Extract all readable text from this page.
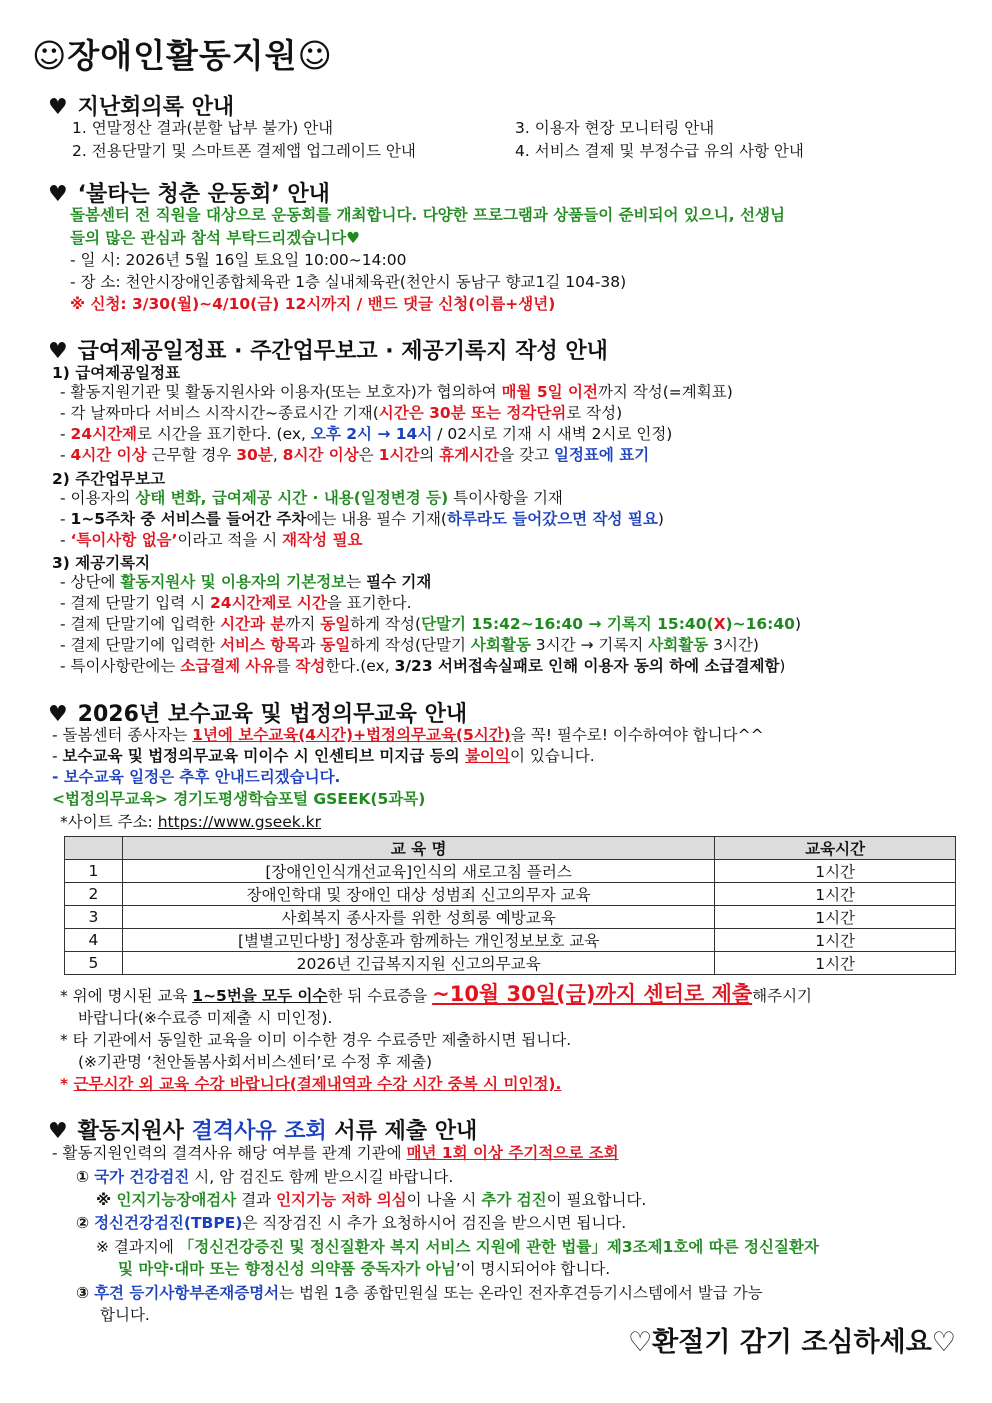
☺장애인활동지원☺
♥ 지난회의록 안내
1. 연말정산 결과(분할 납부 불가) 안내	3. 이용자 현장 모니터링 안내
2. 전용단말기 및 스마트폰 결제앱 업그레이드 안내	4. 서비스 결제 및 부정수급 유의 사항 안내
♥ ‘불타는 청춘 운동회’ 안내
돌봄센터 전 직원을 대상으로 운동회를 개최합니다. 다양한 프로그램과 상품들이 준비되어 있으니, 선생님
들의 많은 관심과 참석 부탁드리겠습니다♥
- 일 시: 2026년 5월 16일 토요일 10:00~14:00
- 장 소: 천안시장애인종합체육관 1층 실내체육관(천안시 동남구 향교1길 104-38)
※ 신청: 3/30(월)~4/10(금) 12시까지 / 밴드 댓글 신청(이름+생년)
♥ 급여제공일정표 · 주간업무보고 · 제공기록지 작성 안내
1) 급여제공일정표
- 활동지원기관 및 활동지원사와 이용자(또는 보호자)가 협의하여 매월 5일 이전까지 작성(=계획표)
- 각 날짜마다 서비스 시작시간~종료시간 기재(시간은 30분 또는 정각단위로 작성)
- 24시간제로 시간을 표기한다. (ex, 오후 2시 → 14시 / 02시로 기재 시 새벽 2시로 인정)
- 4시간 이상 근무할 경우 30분, 8시간 이상은 1시간의 휴게시간을 갖고 일정표에 표기
2) 주간업무보고
- 이용자의 상태 변화, 급여제공 시간 · 내용(일정변경 등) 특이사항을 기재
- 1~5주차 중 서비스를 들어간 주차에는 내용 필수 기재(하루라도 들어갔으면 작성 필요)
- ‘특이사항 없음’이라고 적을 시 재작성 필요
3) 제공기록지
- 상단에 활동지원사 및 이용자의 기본정보는 필수 기재
- 결제 단말기 입력 시 24시간제로 시간을 표기한다.
- 결제 단말기에 입력한 시간과 분까지 동일하게 작성(단말기 15:42~16:40 → 기록지 15:40(X)~16:40)
- 결제 단말기에 입력한 서비스 항목과 동일하게 작성(단말기 사회활동 3시간 → 기록지 사회활동 3시간)
- 특이사항란에는 소급결제 사유를 작성한다.(ex, 3/23 서버접속실패로 인해 이용자 동의 하에 소급결제함)
♥ 2026년 보수교육 및 법정의무교육 안내
- 돌봄센터 종사자는 1년에 보수교육(4시간)+법정의무교육(5시간)을 꼭! 필수로! 이수하여야 합니다^^
- 보수교육 및 법정의무교육 미이수 시 인센티브 미지급 등의 불이익이 있습니다.
- 보수교육 일정은 추후 안내드리겠습니다.
<법정의무교육> 경기도평생학습포털 GSEEK(5과목)
*사이트 주소: https://www.gseek.kr
	교 육 명	교육시간
1	[장애인인식개선교육]인식의 새로고침 플러스	1시간
2	장애인학대 및 장애인 대상 성범죄 신고의무자 교육	1시간
3	사회복지 종사자를 위한 성희롱 예방교육	1시간
4	[별별고민다방] 정상훈과 함께하는 개인정보보호 교육	1시간
5	2026년 긴급복지지원 신고의무교육	1시간
* 위에 명시된 교육 1~5번을 모두 이수한 뒤 수료증을 ~10월 30일(금)까지 센터로 제출해주시기
바랍니다(※수료증 미제출 시 미인정).
* 타 기관에서 동일한 교육을 이미 이수한 경우 수료증만 제출하시면 됩니다.
(※기관명 ‘천안돌봄사회서비스센터’로 수정 후 제출)
* 근무시간 외 교육 수강 바랍니다(결제내역과 수강 시간 중복 시 미인정).
♥ 활동지원사 결격사유 조회 서류 제출 안내
- 활동지원인력의 결격사유 해당 여부를 관계 기관에 매년 1회 이상 주기적으로 조회
① 국가 건강검진 시, 암 검진도 함께 받으시길 바랍니다.
※ 인지기능장애검사 결과 인지기능 저하 의심이 나올 시 추가 검진이 필요합니다.
② 정신건강검진(TBPE)은 직장검진 시 추가 요청하시어 검진을 받으시면 됩니다.
※ 결과지에 「정신건강증진 및 정신질환자 복지 서비스 지원에 관한 법률」제3조제1호에 따른 정신질환자
및 마약·대마 또는 향정신성 의약품 중독자가 아님’이 명시되어야 합니다.
③ 후견 등기사항부존재증명서는 법원 1층 종합민원실 또는 온라인 전자후견등기시스템에서 발급 가능
합니다.
♡환절기 감기 조심하세요♡
